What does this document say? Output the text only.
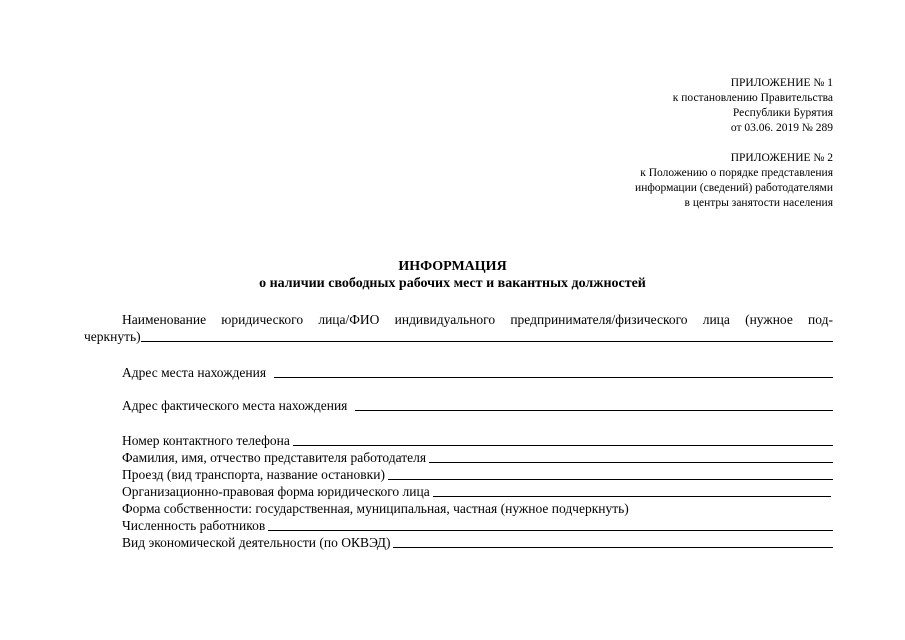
ПРИЛОЖЕНИЕ № 1
к постановлению Правительства
Республики Бурятия
от 03.06. 2019 № 289
ПРИЛОЖЕНИЕ № 2
к Положению о порядке представления
информации (сведений) работодателями
в центры занятости населения
ИНФОРМАЦИЯ
о наличии свободных рабочих мест и вакантных должностей
Наименование юридического лица/ФИО индивидуального предпринимателя/физического лица (нужное под-
черкнуть)
Адрес места нахождения
Адрес фактического места нахождения
Номер контактного телефона
Фамилия, имя, отчество представителя работодателя
Проезд (вид транспорта, название остановки)
Организационно-правовая форма юридического лица
Форма собственности: государственная, муниципальная, частная (нужное подчеркнуть)
Численность работников
Вид экономической деятельности (по ОКВЭД)
